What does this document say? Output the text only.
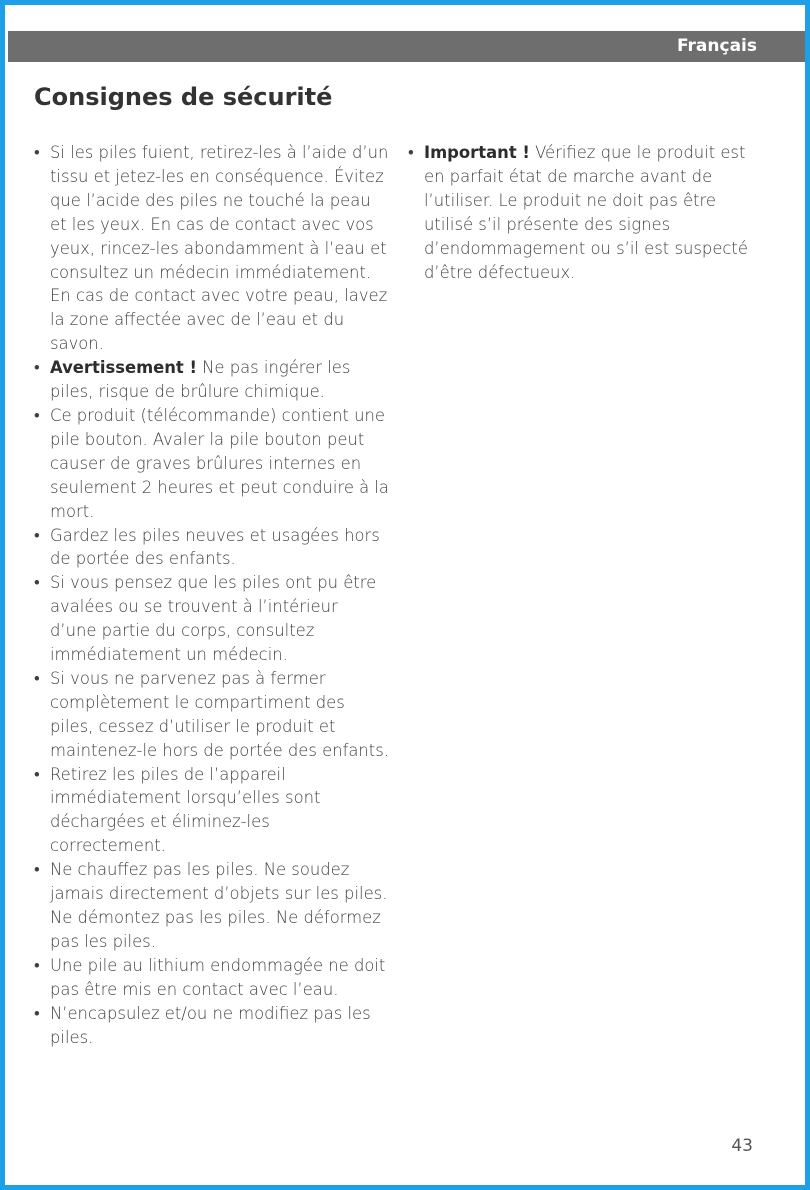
Français
Consignes de sécurité
• Si les piles fuient, retirez-les à l’aide d’un tissu et jetez-les en conséquence. Évitez que l’acide des piles ne touché la peau et les yeux. En cas de contact avec vos yeux, rincez-les abondamment à l’eau et consultez un médecin immédiatement. En cas de contact avec votre peau, lavez la zone affectée avec de l’eau et du savon.
• Avertissement ! Ne pas ingérer les piles, risque de brûlure chimique.
• Ce produit (télécommande) contient une pile bouton. Avaler la pile bouton peut causer de graves brûlures internes en seulement 2 heures et peut conduire à la mort.
• Gardez les piles neuves et usagées hors de portée des enfants.
• Si vous pensez que les piles ont pu être avalées ou se trouvent à l’intérieur d’une partie du corps, consultez immédiatement un médecin.
• Si vous ne parvenez pas à fermer complètement le compartiment des piles, cessez d’utiliser le produit et maintenez-le hors de portée des enfants.
• Retirez les piles de l’appareil immédiatement lorsqu’elles sont déchargées et éliminez-les correctement.
• Ne chauffez pas les piles. Ne soudez jamais directement d’objets sur les piles. Ne démontez pas les piles. Ne déformez pas les piles.
• Une pile au lithium endommagée ne doit pas être mis en contact avec l’eau.
• N’encapsulez et/ou ne modifiez pas les piles.
• Important ! Vérifiez que le produit est en parfait état de marche avant de l’utiliser. Le produit ne doit pas être utilisé s’il présente des signes d’endommagement ou s’il est suspecté d’être défectueux.
43
